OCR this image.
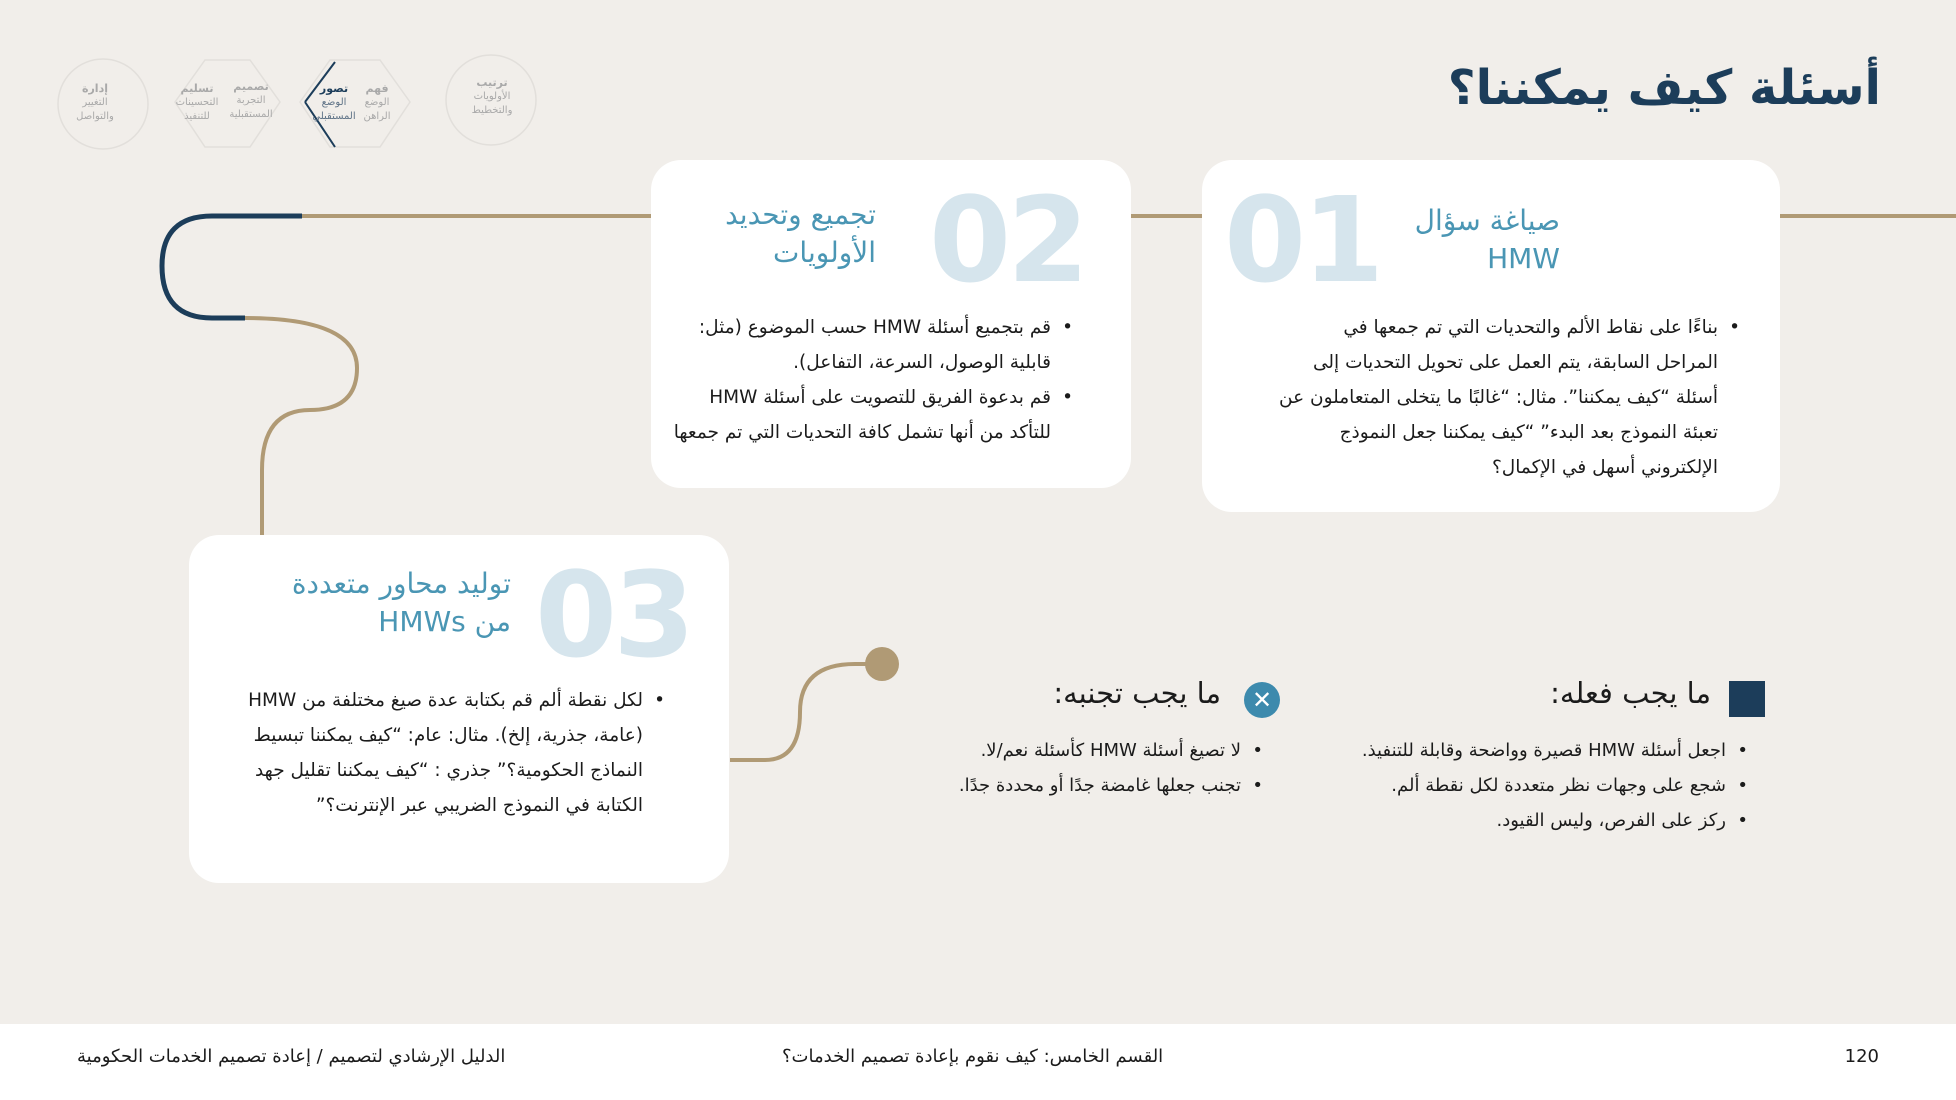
أسئلة كيف يمكننا؟
ترتيب
الأولويات
والتخطيط
فهم
الوضع
الراهن
تصور
الوضع
المستقبلي
تصميم
التجربة
المستقبلية
تسليم
التحسينات
للتنفيذ
إدارة
التغيير
والتواصل
01	صياغة سؤال
HMW
• بناءًا على نقاط الألم والتحديات التي تم جمعها في المراحل السابقة، يتم العمل على تحويل التحديات إلى أسئلة “كيف يمكننا”. مثال: “غالبًا ما يتخلى المتعاملون عن تعبئة النموذج بعد البدء” “كيف يمكننا جعل النموذج الإلكتروني أسهل في الإكمال؟
02
تجميع وتحديد
الأولويات
• قم بتجميع أسئلة HMW حسب الموضوع (مثل: قابلية الوصول، السرعة، التفاعل).
• قم بدعوة الفريق للتصويت على أسئلة HMW للتأكد من أنها تشمل كافة التحديات التي تم جمعها
03
توليد محاور متعددة
من HMWs
• لكل نقطة ألم قم بكتابة عدة صيغ مختلفة من HMW (عامة، جذرية، إلخ). مثال: عام: “كيف يمكننا تبسيط النماذج الحكومية؟” جذري : “كيف يمكننا تقليل جهد الكتابة في النموذج الضريبي عبر الإنترنت؟”
ما يجب فعله:
• اجعل أسئلة HMW قصيرة وواضحة وقابلة للتنفيذ.
• شجع على وجهات نظر متعددة لكل نقطة ألم.
• ركز على الفرص، وليس القيود.
✕
ما يجب تجنبه:
• لا تصيغ أسئلة HMW كأسئلة نعم/لا.
• تجنب جعلها غامضة جدًا أو محددة جدًا.
120
القسم الخامس: كيف نقوم بإعادة تصميم الخدمات؟
الدليل الإرشادي لتصميم / إعادة تصميم الخدمات الحكومية
